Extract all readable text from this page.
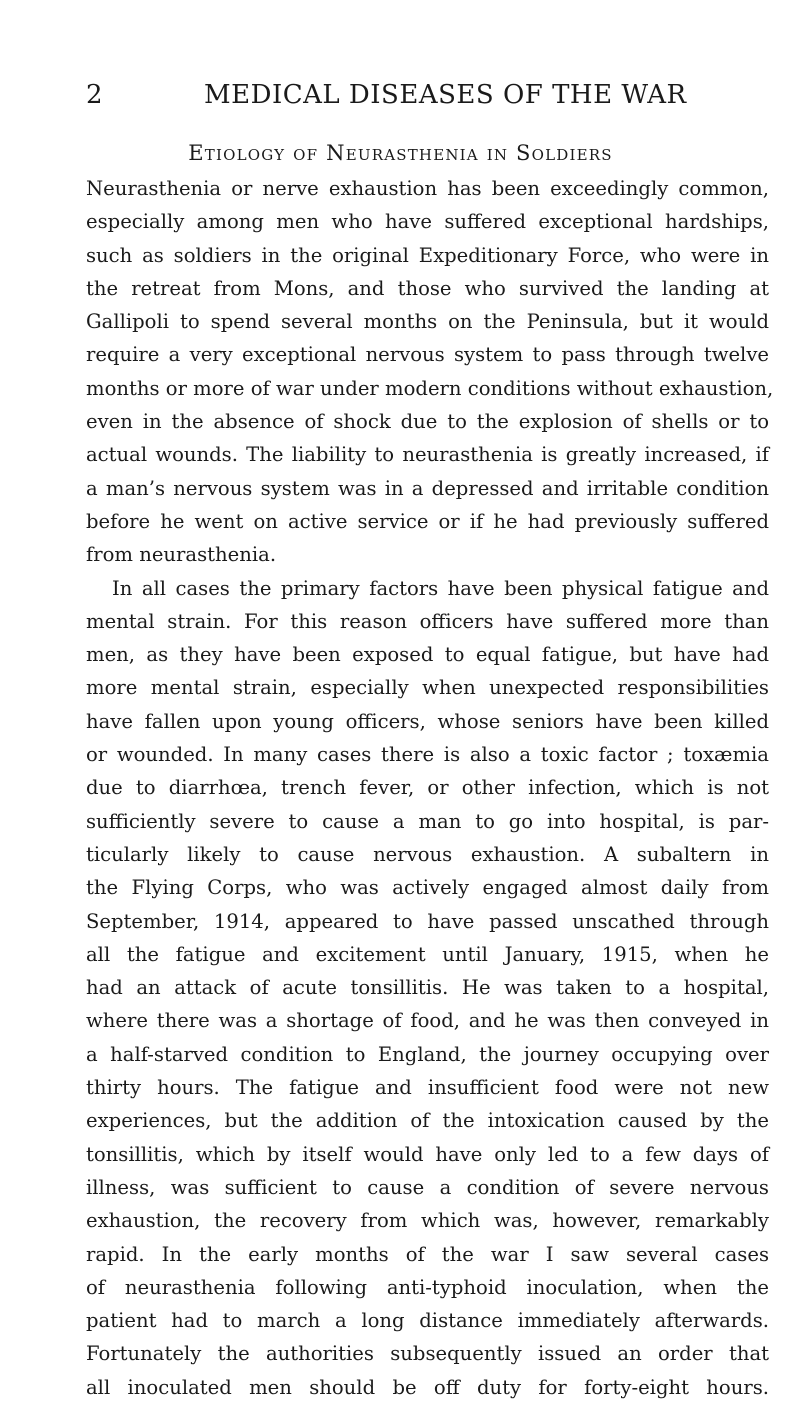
2	MEDICAL DISEASES OF THE WAR
Etiology of Neurasthenia in Soldiers
Neurasthenia or nerve exhaustion has been exceedingly common,
especially among men who have suffered exceptional hardships,
such as soldiers in the original Expeditionary Force, who were in
the retreat from Mons, and those who survived the landing at
Gallipoli to spend several months on the Peninsula, but it would
require a very exceptional nervous system to pass through twelve
months or more of war under modern conditions without exhaustion,
even in the absence of shock due to the explosion of shells or to
actual wounds. The liability to neurasthenia is greatly increased, if
a man’s nervous system was in a depressed and irritable condition
before he went on active service or if he had previously suffered
from neurasthenia.
In all cases the primary factors have been physical fatigue and
mental strain. For this reason officers have suffered more than
men, as they have been exposed to equal fatigue, but have had
more mental strain, especially when unexpected responsibilities
have fallen upon young officers, whose seniors have been killed
or wounded. In many cases there is also a toxic factor ; toxæmia
due to diarrhœa, trench fever, or other infection, which is not
sufficiently severe to cause a man to go into hospital, is par-
ticularly likely to cause nervous exhaustion. A subaltern in
the Flying Corps, who was actively engaged almost daily from
September, 1914, appeared to have passed unscathed through
all the fatigue and excitement until January, 1915, when he
had an attack of acute tonsillitis. He was taken to a hospital,
where there was a shortage of food, and he was then conveyed in
a half-starved condition to England, the journey occupying over
thirty hours. The fatigue and insufficient food were not new
experiences, but the addition of the intoxication caused by the
tonsillitis, which by itself would have only led to a few days of
illness, was sufficient to cause a condition of severe nervous
exhaustion, the recovery from which was, however, remarkably
rapid. In the early months of the war I saw several cases
of neurasthenia following anti-typhoid inoculation, when the
patient had to march a long distance immediately afterwards.
Fortunately the authorities subsequently issued an order that
all inoculated men should be off duty for forty-eight hours.
